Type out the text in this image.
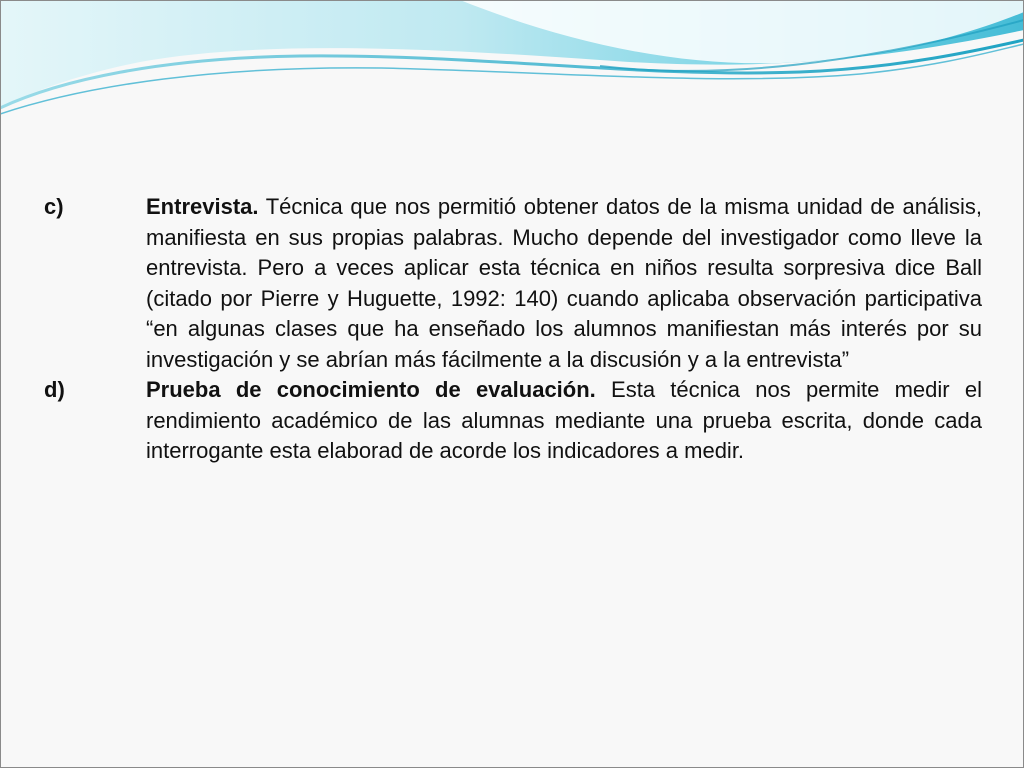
c)	Entrevista. Técnica que nos permitió obtener datos de la misma unidad de análisis, manifiesta en sus propias palabras. Mucho depende del investigador como lleve la entrevista. Pero a veces aplicar esta técnica en niños resulta sorpresiva dice Ball (citado por Pierre y Huguette, 1992: 140) cuando aplicaba observación participativa “en algunas clases que ha enseñado los alumnos manifiestan más interés por su investigación y se abrían más fácilmente a la discusión y a la entrevista”
d)	Prueba de conocimiento de evaluación. Esta técnica nos permite medir el rendimiento académico de las alumnas mediante una prueba escrita, donde cada interrogante esta elaborad de acorde los indicadores a medir.
